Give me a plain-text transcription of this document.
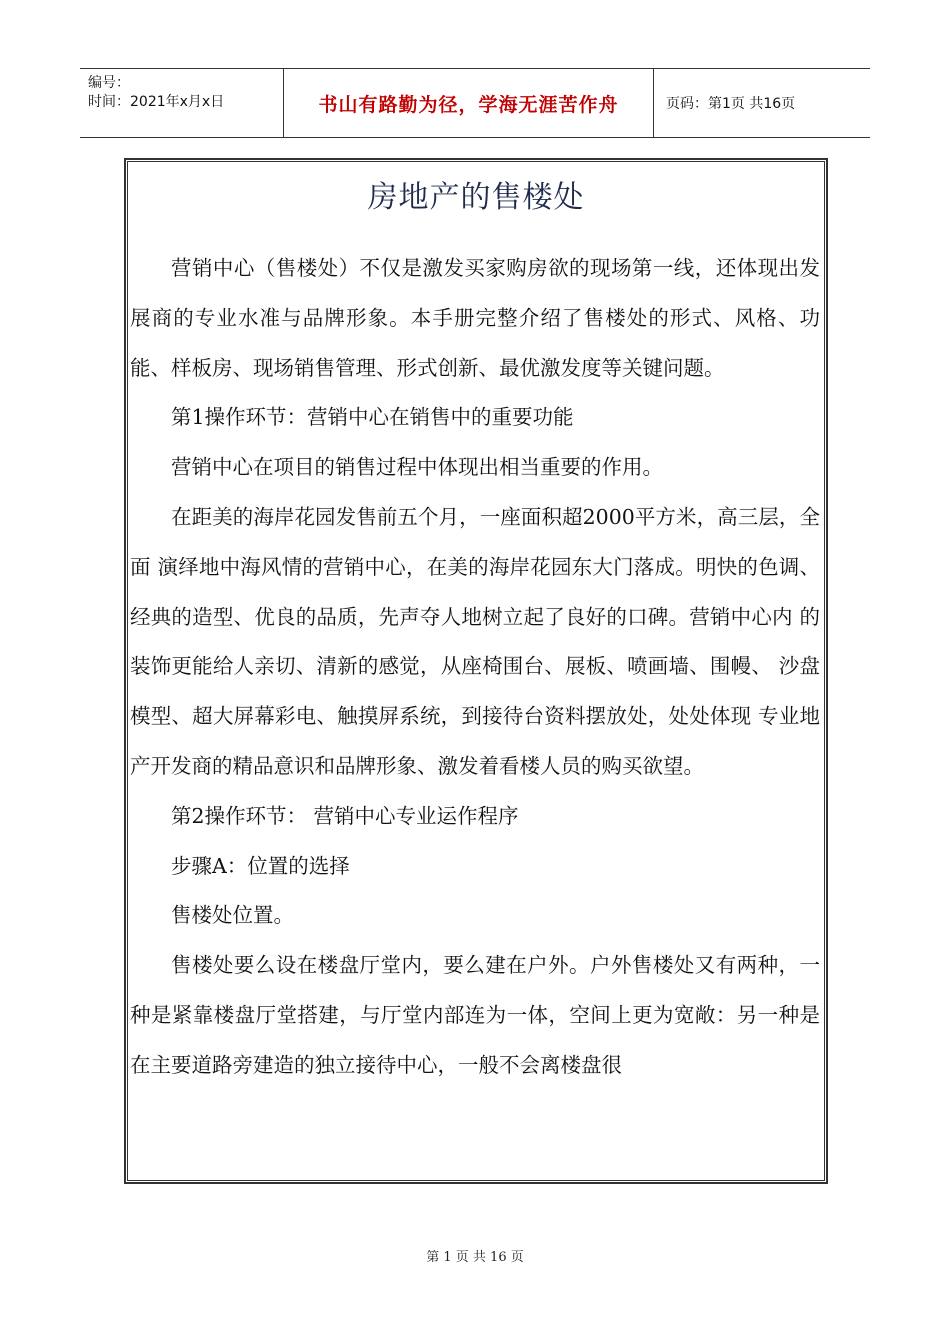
编号：
时间：2021年x月x日	书山有路勤为径，学海无涯苦作舟	页码：第1页 共16页
房地产的售楼处

营销中心（售楼处）不仅是激发买家购房欲的现场第一线，还体现出发展商的专业水准与品牌形象。本手册完整介绍了售楼处的形式、风格、功能、样板房、现场销售管理、形式创新、最优激发度等关键问题。

第1操作环节：营销中心在销售中的重要功能

营销中心在项目的销售过程中体现出相当重要的作用。

在距美的海岸花园发售前五个月，一座面积超2000平方米，高三层，全面 演绎地中海风情的营销中心，在美的海岸花园东大门落成。明快的色调、 经典的造型、优良的品质，先声夺人地树立起了良好的口碑。营销中心内 的装饰更能给人亲切、清新的感觉，从座椅围台、展板、喷画墙、围幔、 沙盘模型、超大屏幕彩电、触摸屏系统，到接待台资料摆放处，处处体现 专业地产开发商的精品意识和品牌形象、激发着看楼人员的购买欲望。

第2操作环节： 营销中心专业运作程序

步骤A：位置的选择

售楼处位置。

售楼处要么设在楼盘厅堂内，要么建在户外。户外售楼处又有两种，一种是紧靠楼盘厅堂搭建，与厅堂内部连为一体，空间上更为宽敞：另一种是在主要道路旁建造的独立接待中心，一般不会离楼盘很

第 1 页 共 16 页
